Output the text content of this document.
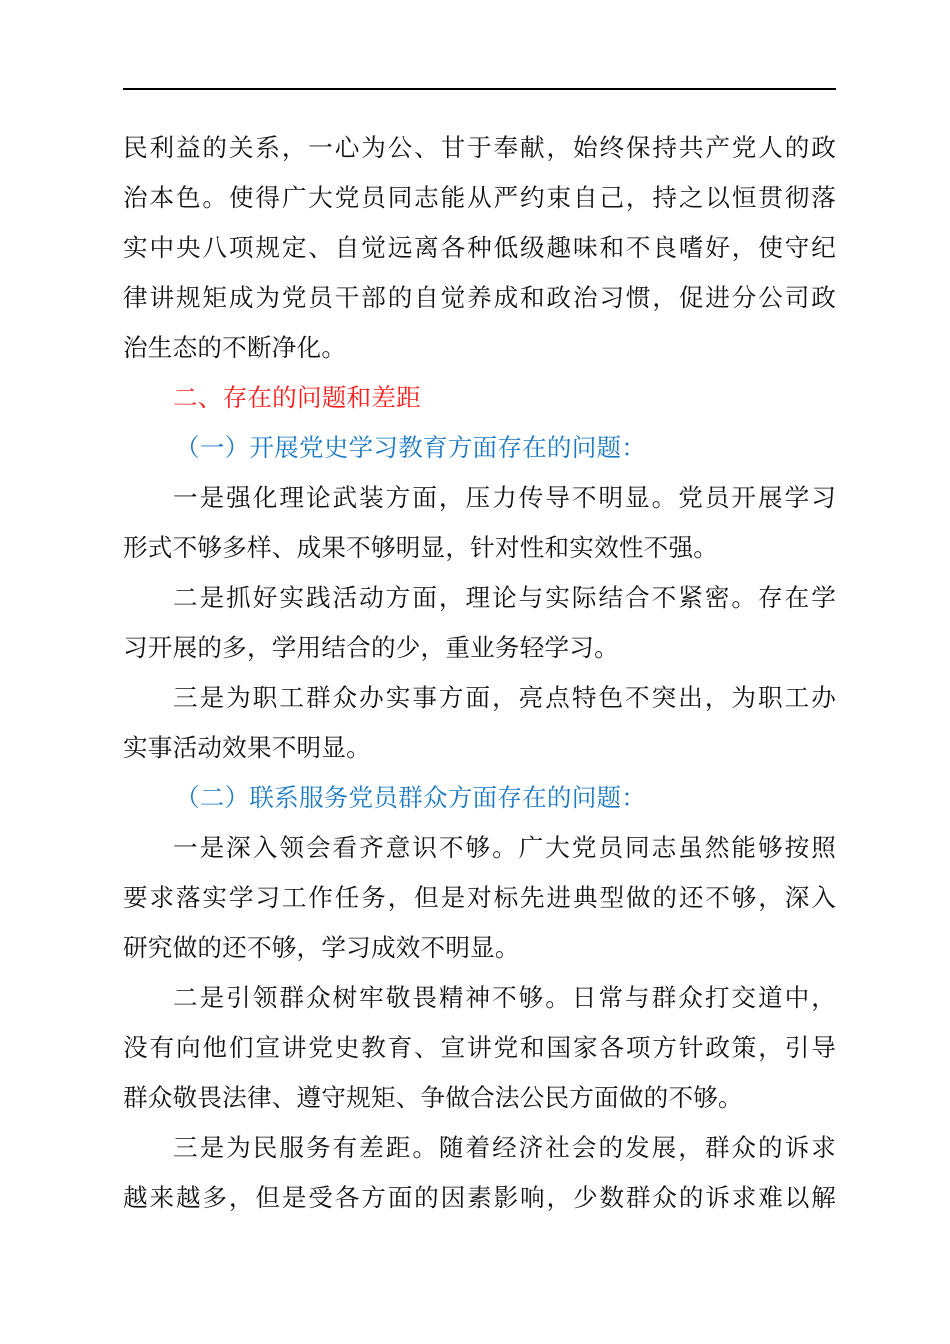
民利益的关系，一心为公、甘于奉献，始终保持共产党人的政
治本色。使得广大党员同志能从严约束自己，持之以恒贯彻落
实中央八项规定、自觉远离各种低级趣味和不良嗜好，使守纪
律讲规矩成为党员干部的自觉养成和政治习惯，促进分公司政
治生态的不断净化。
二、存在的问题和差距
（一）开展党史学习教育方面存在的问题：
一是强化理论武装方面，压力传导不明显。党员开展学习
形式不够多样、成果不够明显，针对性和实效性不强。
二是抓好实践活动方面，理论与实际结合不紧密。存在学
习开展的多，学用结合的少，重业务轻学习。
三是为职工群众办实事方面，亮点特色不突出，为职工办
实事活动效果不明显。
（二）联系服务党员群众方面存在的问题：
一是深入领会看齐意识不够。广大党员同志虽然能够按照
要求落实学习工作任务，但是对标先进典型做的还不够，深入
研究做的还不够，学习成效不明显。
二是引领群众树牢敬畏精神不够。日常与群众打交道中，
没有向他们宣讲党史教育、宣讲党和国家各项方针政策，引导
群众敬畏法律、遵守规矩、争做合法公民方面做的不够。
三是为民服务有差距。随着经济社会的发展，群众的诉求
越来越多，但是受各方面的因素影响，少数群众的诉求难以解
